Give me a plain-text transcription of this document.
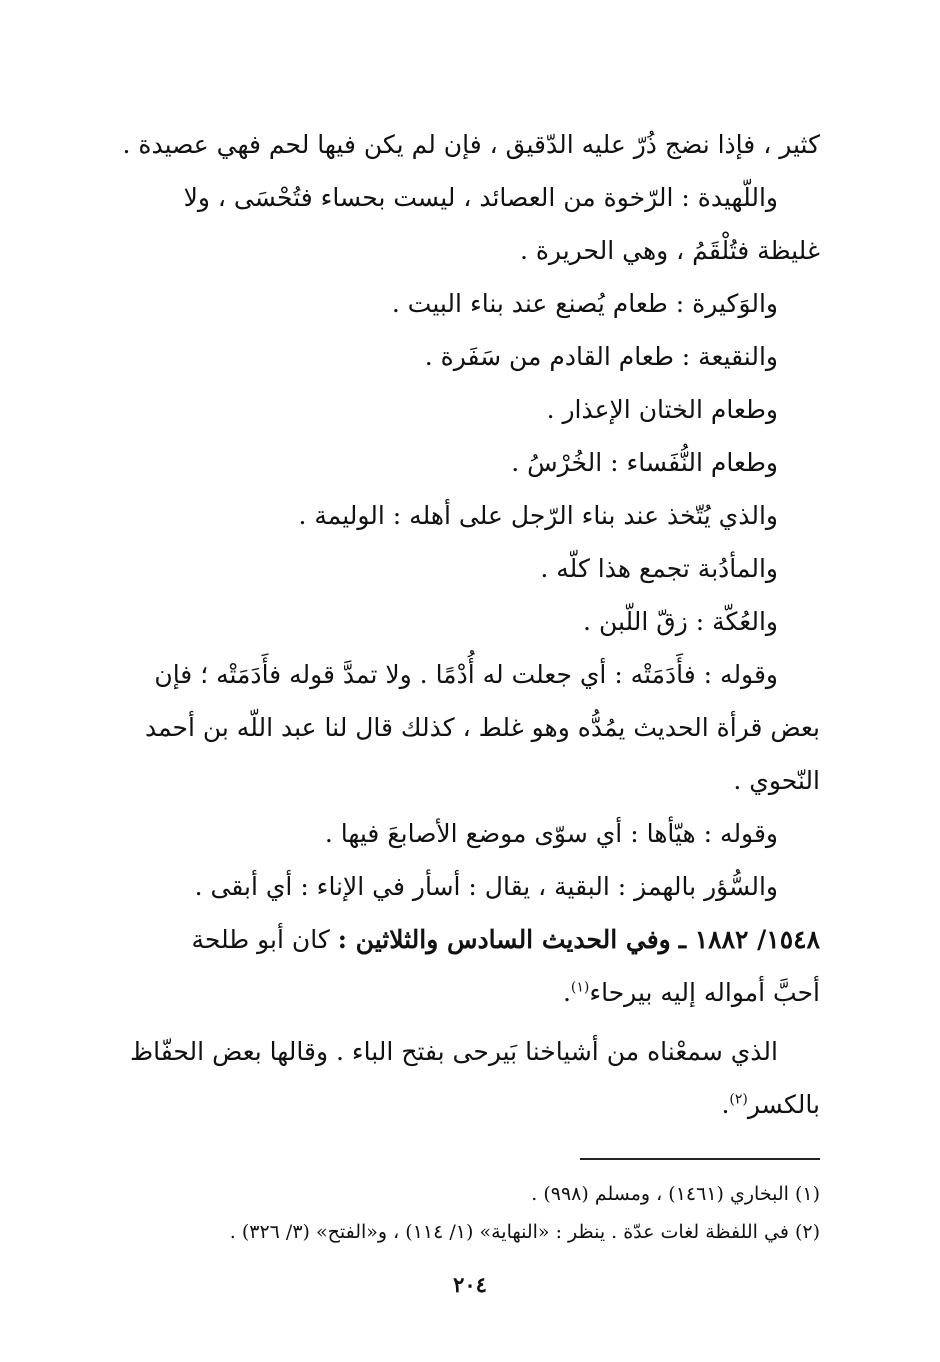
كثير ، فإذا نضج ذُرّ عليه الدّقيق ، فإن لم يكن فيها لحم فهي عصيدة .
واللّهيدة : الرّخوة من العصائد ، ليست بحساء فتُحْسَى ، ولا
غليظة فتُلْقَمُ ، وهي الحريرة .
والوَكيرة : طعام يُصنع عند بناء البيت .
والنقيعة : طعام القادم من سَفَرة .
وطعام الختان الإعذار .
وطعام النُّفَساء : الخُرْسُ .
والذي يُتّخذ عند بناء الرّجل على أهله : الوليمة .
والمأدُبة تجمع هذا كلّه .
والعُكّة : زقّ اللّبن .
وقوله : فأَدَمَتْه : أي جعلت له أُدْمًا . ولا تمدَّ قوله فأَدَمَتْه ؛ فإن
بعض قرأة الحديث يمُدُّه وهو غلط ، كذلك قال لنا عبد اللّه بن أحمد
النّحوي .
وقوله : هيّأها : أي سوّى موضع الأصابعَ فيها .
والسُّؤر بالهمز : البقية ، يقال : أسأر في الإناء : أي أبقى .
١٥٤٨/ ١٨٨٢ ـ وفي الحديث السادس والثلاثين : كان أبو طلحة
أحبَّ أمواله إليه بيرحاء$^{(١)}$.
الذي سمعْناه من أشياخنا بَيرحى بفتح الباء . وقالها بعض الحفّاظ
بالكسر$^{(٢)}$.
(١) البخاري (١٤٦١) ، ومسلم (٩٩٨) .
(٢) في اللفظة لغات عدّة . ينظر : «النهاية» (١/ ١١٤) ، و«الفتح» (٣/ ٣٢٦) .
٢٠٤
